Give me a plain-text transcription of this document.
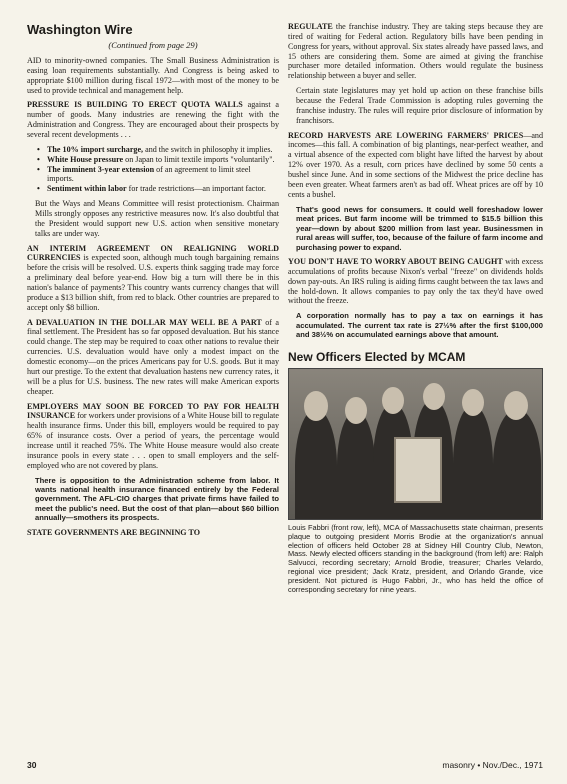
Washington Wire
(Continued from page 29)

AID to minority-owned companies. The Small Business Administration is easing loan requirements substantially. And Congress is being asked to appropriate $100 million during fiscal 1972—with most of the money to be used to provide technical and management help.

PRESSURE IS BUILDING TO ERECT QUOTA WALLS against a number of goods. Many industries are renewing the fight with the Administration and Congress. They are encouraged about their prospects by several recent developments . . .

• The 10% import surcharge, and the switch in philosophy it implies.
• White House pressure on Japan to limit textile imports "voluntarily".
• The imminent 3-year extension of an agreement to limit steel imports.
• Sentiment within labor for trade restrictions—an important factor.

But the Ways and Means Committee will resist protectionism. Chairman Mills strongly opposes any restrictive measures now. It's also doubtful that the President would support new U.S. action when sensitive monetary talks are under way.

AN INTERIM AGREEMENT ON REALIGNING WORLD CURRENCIES is expected soon, although much tough bargaining remains before the crisis will be resolved. U.S. experts think sagging trade may force a preliminary deal before year-end. How big a turn will there be in this nation's balance of payments? This country wants currency changes that will produce a $13 billion shift, from red to black. Other countries are prepared to accept only $8 billion.

A DEVALUATION IN THE DOLLAR MAY WELL BE A PART of a final settlement. The President has so far opposed devaluation. But his stance could change. The step may be required to coax other nations to revalue their currencies. U.S. devaluation would have only a modest impact on the domestic economy—on the prices Americans pay for U.S. goods. But it may hurt our prestige. To the extent that devaluation hastens new currency rates, it will be a plus for U.S. business. The new rates will make American exports cheaper.

EMPLOYERS MAY SOON BE FORCED TO PAY FOR HEALTH INSURANCE for workers under provisions of a White House bill to regulate health insurance firms. Under this bill, employers would be required to pay 65% of insurance costs. Over a period of years, the percentage would increase until it reached 75%. The White House measure would also create insurance pools in every state . . . open to small employers and the self-employed who are not covered by plans.

There is opposition to the Administration scheme from labor. It wants national health insurance financed entirely by the Federal government. The AFL-CIO charges that private firms have failed to meet the public's need. But the cost of that plan—about $60 billion annually—smothers its prospects.

STATE GOVERNMENTS ARE BEGINNING TO

REGULATE the franchise industry. They are taking steps because they are tired of waiting for Federal action. Regulatory bills have been pending in Congress for years, without approval. Six states already have passed laws, and 15 others are considering them. Some are aimed at giving the franchise purchaser more detailed information. Others would regulate the business relationship between a buyer and seller.

Certain state legislatures may yet hold up action on these franchise bills because the Federal Trade Commission is adopting rules governing the franchise industry. The rules will require prior disclosure of information by franchisors.

RECORD HARVESTS ARE LOWERING FARMERS' PRICES—and incomes—this fall. A combination of big plantings, near-perfect weather, and a virtual absence of the expected corn blight have lifted the harvest by about 12% over 1970. As a result, corn prices have declined by some 50 cents a bushel since June. And in some sections of the Midwest the price decline has been even greater. Wheat farmers aren't as bad off. Wheat prices are off by 10 cents a bushel.

That's good news for consumers. It could well foreshadow lower meat prices. But farm income will be trimmed to $15.5 billion this year—down by about $200 million from last year. Businessmen in rural areas will suffer, too, because of the failure of farm income and purchasing power to expand.

YOU DON'T HAVE TO WORRY ABOUT BEING CAUGHT with excess accumulations of profits because Nixon's verbal "freeze" on dividends holds down pay-outs. An IRS ruling is aiding firms caught between the tax laws and the hold-down. It allows companies to pay only the tax they'd have owed without the freeze.

A corporation normally has to pay a tax on earnings it has accumulated. The current tax rate is 27½% after the first $100,000 and 38½% on accumulated earnings above that amount.

New Officers Elected by MCAM
Louis Fabbri (front row, left), MCA of Massachusetts state chairman, presents plaque to outgoing president Morris Brodie at the organization's annual election of officers held October 28 at Sidney Hill Country Club, Newton, Mass. Newly elected officers standing in the background (from left) are: Ralph Salvucci, recording secretary; Arnold Brodie, treasurer; Charles Velardo, regional vice president; Jack Kratz, president, and Orlando Grande, vice president. Not pictured is Hugo Fabbri, Jr., who has held the office of corresponding secretary for nine years.
30	masonry • Nov./Dec., 1971
